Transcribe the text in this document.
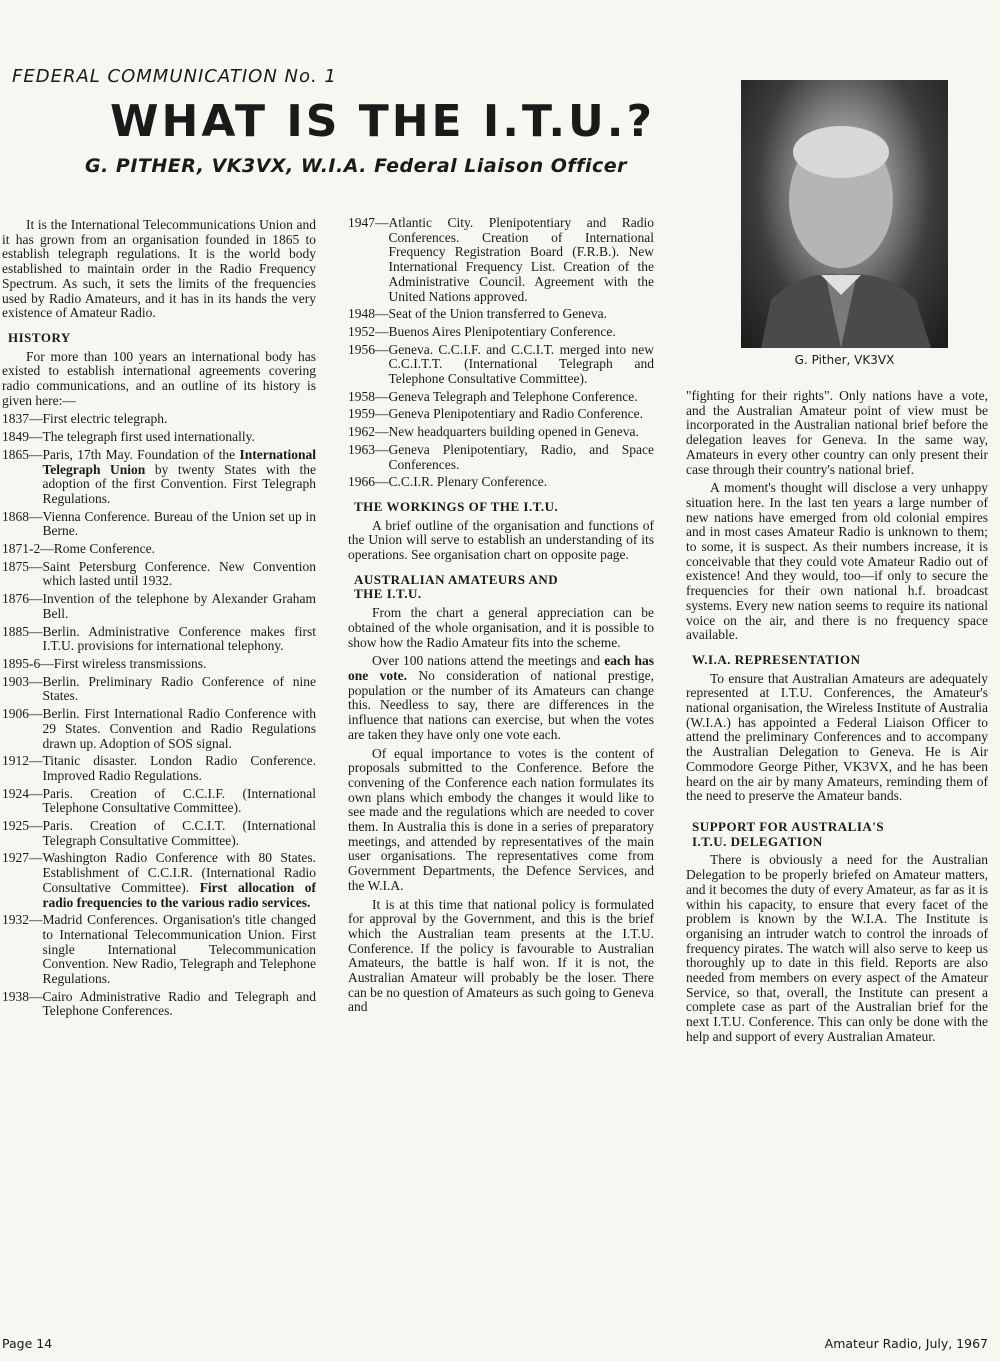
FEDERAL COMMUNICATION No. 1
WHAT IS THE I.T.U.?
G. PITHER, VK3VX, W.I.A. Federal Liaison Officer
G. Pither, VK3VX

It is the International Telecommunications Union and it has grown from an organisation founded in 1865 to establish telegraph regulations. It is the world body established to maintain order in the Radio Frequency Spectrum. As such, it sets the limits of the frequencies used by Radio Amateurs, and it has in its hands the very existence of Amateur Radio.

HISTORY

For more than 100 years an international body has existed to establish international agreements covering radio communications, and an outline of its history is given here:—

1837— First electric telegraph.
1849— The telegraph first used internationally.
1865— Paris, 17th May. Foundation of the International Telegraph Union by twenty States with the adoption of the first Convention. First Telegraph Regulations.
1868— Vienna Conference. Bureau of the Union set up in Berne.
1871-2— Rome Conference.
1875— Saint Petersburg Conference. New Convention which lasted until 1932.
1876— Invention of the telephone by Alexander Graham Bell.
1885— Berlin. Administrative Conference makes first I.T.U. provisions for international telephony.
1895-6— First wireless transmissions.
1903— Berlin. Preliminary Radio Conference of nine States.
1906— Berlin. First International Radio Conference with 29 States. Convention and Radio Regulations drawn up. Adoption of SOS signal.
1912— Titanic disaster. London Radio Conference. Improved Radio Regulations.
1924— Paris. Creation of C.C.I.F. (International Telephone Consultative Committee).
1925— Paris. Creation of C.C.I.T. (International Telegraph Consultative Committee).
1927— Washington Radio Conference with 80 States. Establishment of C.C.I.R. (International Radio Consultative Committee). First allocation of radio frequencies to the various radio services.
1932— Madrid Conferences. Organisation's title changed to International Telecommunication Union. First single International Telecommunication Convention. New Radio, Telegraph and Telephone Regulations.
1938— Cairo Administrative Radio and Telegraph and Telephone Conferences.
1947— Atlantic City. Plenipotentiary and Radio Conferences. Creation of International Frequency Registration Board (F.R.B.). New International Frequency List. Creation of the Administrative Council. Agreement with the United Nations approved.
1948— Seat of the Union transferred to Geneva.
1952— Buenos Aires Plenipotentiary Conference.
1956— Geneva. C.C.I.F. and C.C.I.T. merged into new C.C.I.T.T. (International Telegraph and Telephone Consultative Committee).
1958— Geneva Telegraph and Telephone Conference.
1959— Geneva Plenipotentiary and Radio Conference.
1962— New headquarters building opened in Geneva.
1963— Geneva Plenipotentiary, Radio, and Space Conferences.
1966— C.C.I.R. Plenary Conference.
THE WORKINGS OF THE I.T.U.

A brief outline of the organisation and functions of the Union will serve to establish an understanding of its operations. See organisation chart on opposite page.

AUSTRALIAN AMATEURS AND
THE I.T.U.

From the chart a general appreciation can be obtained of the whole organisation, and it is possible to show how the Radio Amateur fits into the scheme.

Over 100 nations attend the meetings and each has one vote. No consideration of national prestige, population or the number of its Amateurs can change this. Needless to say, there are differences in the influence that nations can exercise, but when the votes are taken they have only one vote each.

Of equal importance to votes is the content of proposals submitted to the Conference. Before the convening of the Conference each nation formulates its own plans which embody the changes it would like to see made and the regulations which are needed to cover them. In Australia this is done in a series of preparatory meetings, and attended by representatives of the main user organisations. The representatives come from Government Departments, the Defence Services, and the W.I.A.

It is at this time that national policy is formulated for approval by the Government, and this is the brief which the Australian team presents at the I.T.U. Conference. If the policy is favourable to Australian Amateurs, the battle is half won. If it is not, the Australian Amateur will probably be the loser. There can be no question of Amateurs as such going to Geneva and

"fighting for their rights". Only nations have a vote, and the Australian Amateur point of view must be incorporated in the Australian national brief before the delegation leaves for Geneva. In the same way, Amateurs in every other country can only present their case through their country's national brief.

A moment's thought will disclose a very unhappy situation here. In the last ten years a large number of new nations have emerged from old colonial empires and in most cases Amateur Radio is unknown to them; to some, it is suspect. As their numbers increase, it is conceivable that they could vote Amateur Radio out of existence! And they would, too—if only to secure the frequencies for their own national h.f. broadcast systems. Every new nation seems to require its national voice on the air, and there is no frequency space available.

W.I.A. REPRESENTATION

To ensure that Australian Amateurs are adequately represented at I.T.U. Conferences, the Amateur's national organisation, the Wireless Institute of Australia (W.I.A.) has appointed a Federal Liaison Officer to attend the preliminary Conferences and to accompany the Australian Delegation to Geneva. He is Air Commodore George Pither, VK3VX, and he has been heard on the air by many Amateurs, reminding them of the need to preserve the Amateur bands.

SUPPORT FOR AUSTRALIA'S
I.T.U. DELEGATION

There is obviously a need for the Australian Delegation to be properly briefed on Amateur matters, and it becomes the duty of every Amateur, as far as it is within his capacity, to ensure that every facet of the problem is known by the W.I.A. The Institute is organising an intruder watch to control the inroads of frequency pirates. The watch will also serve to keep us thoroughly up to date in this field. Reports are also needed from members on every aspect of the Amateur Service, so that, overall, the Institute can present a complete case as part of the Australian brief for the next I.T.U. Conference. This can only be done with the help and support of every Australian Amateur.

Page 14	Amateur Radio, July, 1967
